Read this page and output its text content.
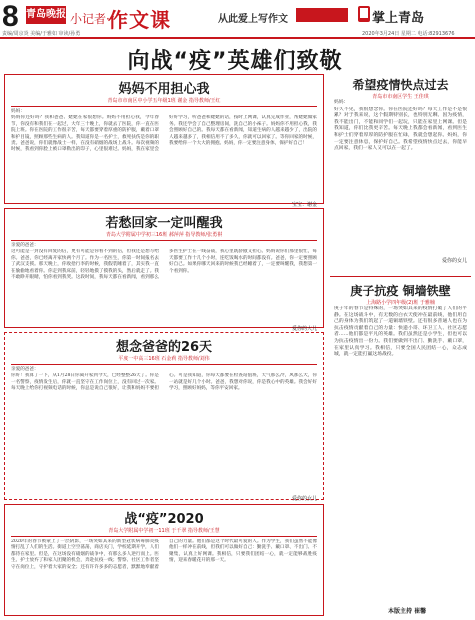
8 青岛晚报 小记者·
作文课	从此爱上写作文	掌上青岛
责编/周京炎 美编/于雅如 审读/孙勇	2020年3月24日 星期二 电话:82913676
向战“疫”英雄们致敬
妈妈不用担心我
青岛市市南区中小学五年级1班 谢金 指导教师/王红
妈妈：
妈妈你还好吗？我和爸爸、姥姥在家很想你。妈妈不用担心我，今年春节，你没有和我们在一起过，大年三十晚上，你就去了医院，你一直在医院上班。你在医院的工作很辛苦，每天都要穿着厚重的防护服，戴着口罩和护目镜，照顾那些生病的人。我知道你是一名护士，救死扶伤是你的职责。爸爸说，你们就像战士一样，在没有硝烟的战场上战斗。每次视频的时候，我看到你脸上被口罩勒出的印子，心里很难过。妈妈，我在家里会好好学习，听爸爸和姥姥的话，按时上网课，认真完成作业，帮姥姥做家务。我还学会了自己整理房间，洗自己的小袜子。妈妈你不用担心我，我会照顾好自己的。我每天都在看新闻，知道生病的人越来越少了，出院的人越来越多了，我相信用不了多久，你就可以回家了。等你回家的时候，我要给你一个大大的拥抱。妈妈，你一定要注意身体，保护好自己！
宝宝：谢金
若愁回家一定叫醒我
青岛大学附属中学初三16班 郝萍萍 指导教师/张勇祺
亲爱的爸爸：
这可能是一封没有回复的信，更有可能是你看不到的信，但我还是想写给你。爸爸，你已经离开家快两个月了。作为一名医生，你第一时间报名去了武汉支援。那天晚上，你收拾行李的时候，我假装睡着了，其实我一直在偷偷地看着你。你走到我床前，轻轻地摸了摸我的头，然后就走了。我不敢睁开眼睛，怕你看到我哭。这段时间，我每天都在看新闻，看到那么多医生护士在一线奋战，我心里既骄傲又担心。妈妈说你们那里很忙，每天都要工作十几个小时，连吃饭喝水的时间都没有。爸爸，你一定要照顾好自己。如果你哪天回来的时候我已经睡着了，一定要叫醒我，我想第一个看到你。
爱你的大儿
想念爸爸的26天
平度一中高三16班 石金莉 指导教师/刘伟
亲爱的爸爸：
你好！我算了一下，从1月28日你离开家到今天，已经整整26天了。你是一名警察，疫情发生后，你就一直坚守在工作岗位上，没有回过一次家。每天晚上给你打视频电话的时候，你总是说自己很好，让我和妈妈不要担心。可是我知道，你每天都要在检查站值班，天气那么冷，风那么大，你一站就是好几个小时。爸爸，我想对你说，你是我心中的英雄。我会好好学习，照顾好妈妈，等你平安回家。
爱你的女儿
战“疫”2020
青岛大学附属中学初一11班 于千翠 指导教师/王慧
2020年的春节被蒙上了一层阴影，一场突如其来的新型冠状病毒肺炎疫情打乱了人们的生活。街道上空空荡荡，商店关门，学校延期开学，人们都待在家里。但是，在这场没有硝烟的战争中，有那么多人逆行而上。医生、护士放弃了和家人团聚的机会，奔赴抗疫一线；警察、社区工作者坚守在岗位上，守护着大家的安全；还有许许多多的志愿者，默默地奉献着自己的力量。他们都是这个时代最可爱的人。作为学生，我们虽然不能像他们一样冲在前线，但我们可以做好自己：勤洗手、戴口罩、不出门、不聚集，认真上好网课。我相信，只要我们团结一心，就一定能够战胜疫情，迎来春暖花开的那一天。
希望疫情快点过去
青岛市市南区学生 王佳琪
妈妈：
好久不见，我很想念你。你在医院还好吗？每天工作是不是很累？对于我来说，这个假期特别长，也特别无聊。因为疫情，我不能出门，不能和同学们一起玩，只能在家里上网课。但是我知道，你们比我更辛苦。每天晚上我都会看新闻，看到医生和护士们穿着厚厚的防护服在忙碌，我就会想起你。妈妈，你一定要注意休息，保护好自己。我希望疫情快点过去，你能早点回家，我们一家人又可以在一起了。
爱你的女儿
庚子抗疫 铜墙铁壁
上海路小学四年级(2)班 于雅楠
庚子年的春节是特殊的，一场突如其来的疫情打破了人们的平静。在这场战斗中，有无数的白衣天使冲在最前线，他们用自己的身体为我们筑起了一道铜墙铁壁。还有很多普通人也在为抗击疫情贡献着自己的力量：快递小哥、环卫工人、社区志愿者……他们都是平凡的英雄。我们虽然还是小学生，但也可以为抗击疫情出一份力。我们要做到不出门、勤洗手、戴口罩，在家里认真学习。我相信，只要全国人民团结一心，众志成城，就一定能打赢这场战役。
本版主持 崔馨
